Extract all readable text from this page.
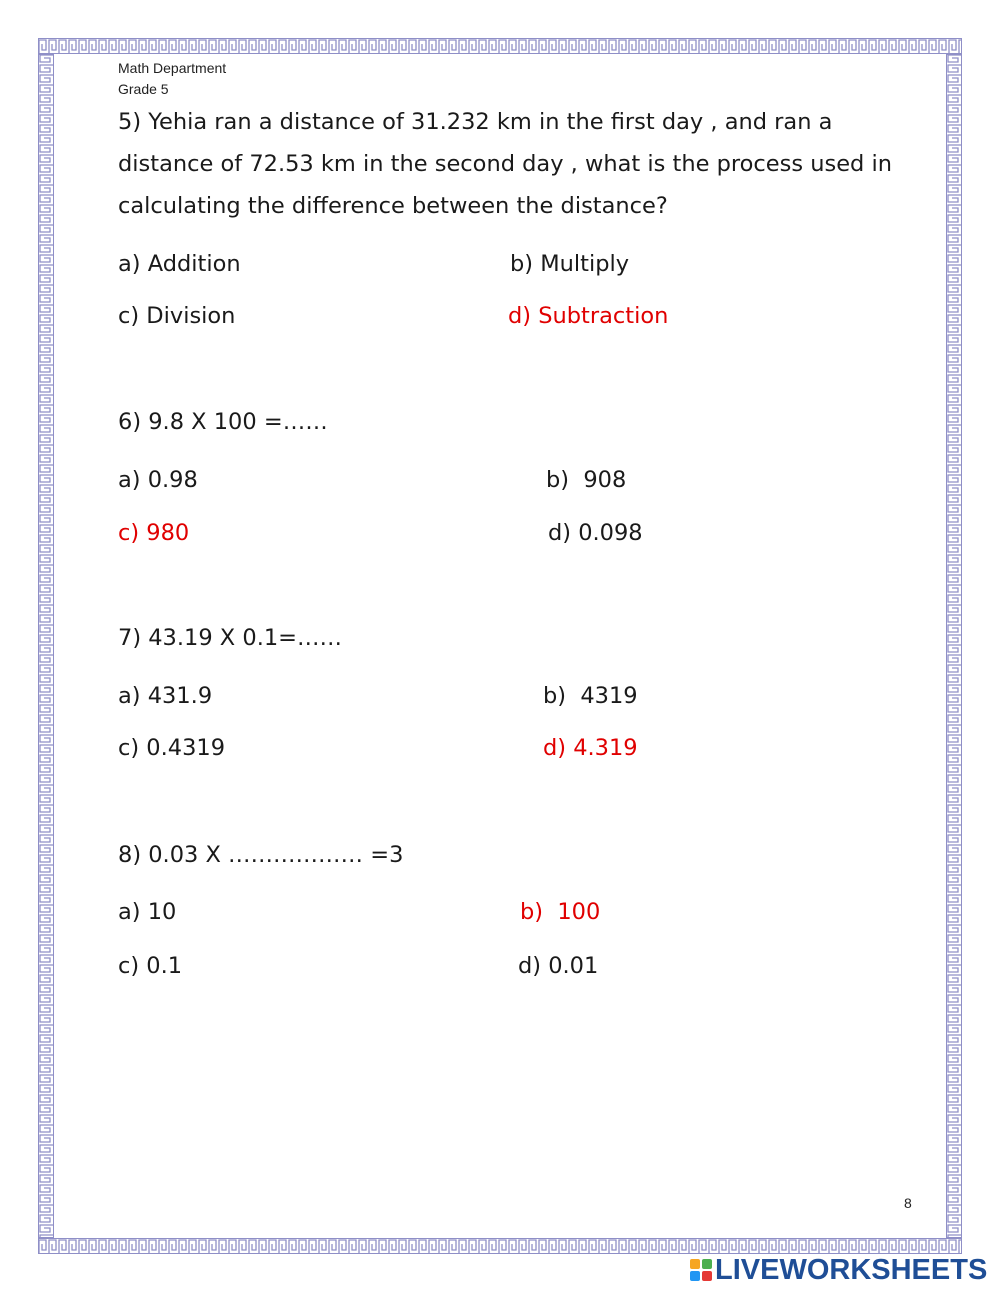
Math Department
Grade 5
5) Yehia ran a distance of 31.232 km in the first day , and ran a distance of 72.53 km in the second day , what is the process used in calculating the difference between the distance?
a) Addition	b) Multiply
c) Division	d) Subtraction
6) 9.8 X 100 =……
a) 0.98	b)  908
c) 980	d) 0.098
7) 43.19 X 0.1=……
a) 431.9	b)  4319
c) 0.4319	d) 4.319
8) 0.03 X ……………… =3
a) 10	b)  100
c) 0.1	d) 0.01
8
LIVEWORKSHEETS
